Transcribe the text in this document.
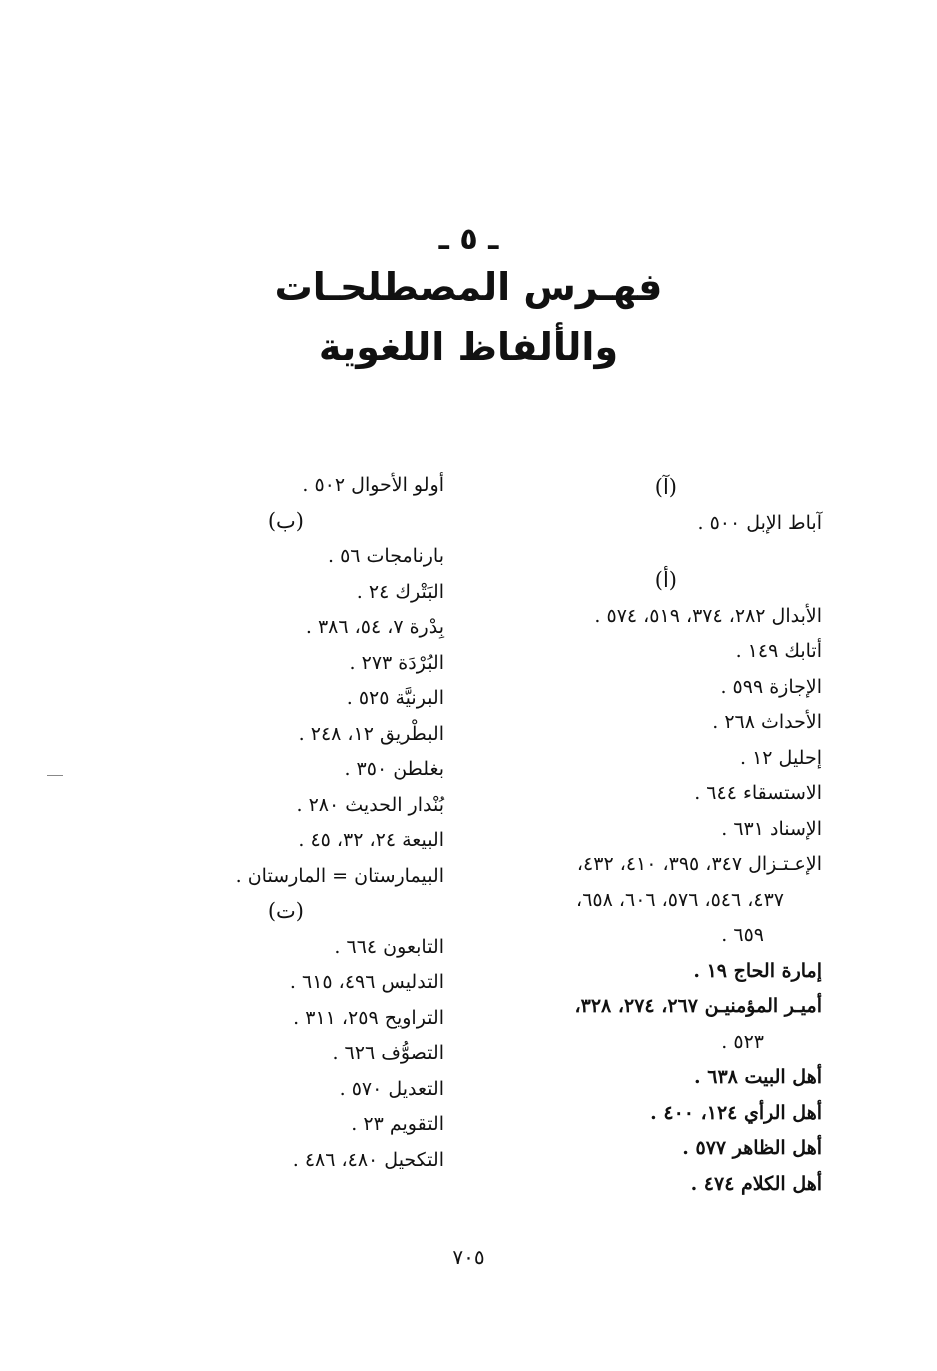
ـ ٥ ـ
فهـرس المصطلحـات
والألفاظ اللغوية
(آ)
آباط الإبل ٥٠٠ .
(أ)
الأبدال ٢٨٢، ٣٧٤، ٥١٩، ٥٧٤ .
أتابك ١٤٩ .
الإجازة ٥٩٩ .
الأحداث ٢٦٨ .
إحليل ١٢ .
الاستسقاء ٦٤٤ .
الإسناد ٦٣١ .
الإعـتـزال ٣٤٧، ٣٩٥، ٤١٠، ٤٣٢،
٤٣٧، ٥٤٦، ٥٧٦، ٦٠٦، ٦٥٨،
٦٥٩ .
إمارة الحاج ١٩ .
أميـر المؤمنيـن ٢٦٧، ٢٧٤، ٣٢٨،
٥٢٣ .
أهل البيت ٦٣٨ .
أهل الرأي ١٢٤، ٤٠٠ .
أهل الظاهر ٥٧٧ .
أهل الكلام ٤٧٤ .
أولو الأحوال ٥٠٢ .
(ب)
بارنامجات ٥٦ .
البَتْرك ٢٤ .
بِدْرة ٧، ٥٤، ٣٨٦ .
البُرْدَة ٢٧٣ .
البرنيَّة ٥٢٥ .
البطْريق ١٢، ٢٤٨ .
بغلطن ٣٥٠ .
بُنْدار الحديث ٢٨٠ .
البيعة ٢٤، ٣٢، ٤٥ .
البيمارستان = المارستان .
(ت)
التابعون ٦٦٤ .
التدليس ٤٩٦، ٦١٥ .
التراويح ٢٥٩، ٣١١ .
التصوُّف ٦٢٦ .
التعديل ٥٧٠ .
التقويم ٢٣ .
التكحيل ٤٨٠، ٤٨٦ .
٧٠٥
